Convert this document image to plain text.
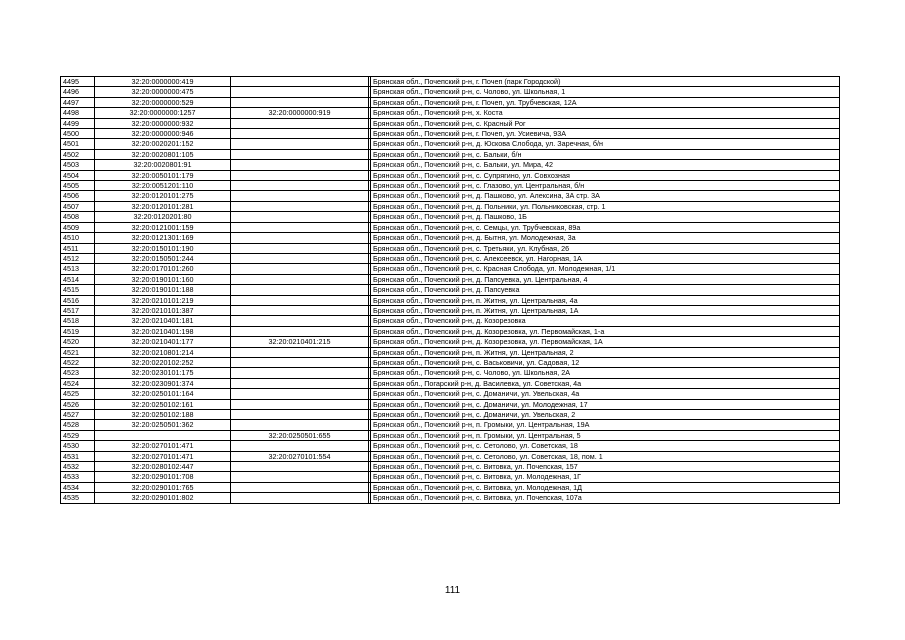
4495	32:20:0000000:419			Брянская обл., Почепский р-н, г. Почеп (парк Городской)
4496	32:20:0000000:475			Брянская обл., Почепский р-н, с. Чолово, ул. Школьная, 1
4497	32:20:0000000:529			Брянская обл., Почепский р-н, г. Почеп, ул. Трубчевская, 12А
4498	32:20:0000000:1257	32:20:0000000:919		Брянская обл., Почепский р-н, х. Коста
4499	32:20:0000000:932			Брянская обл., Почепский р-н, с. Красный Рог
4500	32:20:0000000:946			Брянская обл., Почепский р-н, г. Почеп, ул. Усиевича, 93А
4501	32:20:0020201:152			Брянская обл., Почепский р-н, д. Юскова Слобода, ул. Заречная, б/н
4502	32:20:0020801:105			Брянская обл., Почепский р-н, с. Бальки, б/н
4503	32:20:0020801:91			Брянская обл., Почепский р-н, с. Бальки, ул. Мира, 42
4504	32:20:0050101:179			Брянская обл., Почепский р-н, с. Супрягино, ул. Совхозная
4505	32:20:0051201:110			Брянская обл., Почепский р-н, с. Глазово, ул. Центральная, б/н
4506	32:20:0120101:275			Брянская обл., Почепский р-н, д. Пашково, ул. Алексина, 3А стр. 3А
4507	32:20:0120101:281			Брянская обл., Почепский р-н, д. Польники, ул. Польниковская, стр. 1
4508	32:20:0120201:80			Брянская обл., Почепский р-н, д. Пашково, 1Б
4509	32:20:0121001:159			Брянская обл., Почепский р-н, с. Семцы, ул. Трубчевская, 89а
4510	32:20:0121301:169			Брянская обл., Почепский р-н, д. Бытня, ул. Молодежная, 3а
4511	32:20:0150101:190			Брянская обл., Почепский р-н, с. Третьяки, ул. Клубная, 26
4512	32:20:0150501:244			Брянская обл., Почепский р-н, с. Алексеевск, ул. Нагорная, 1А
4513	32:20:0170101:260			Брянская обл., Почепский р-н, с. Красная Слобода, ул. Молодежная, 1/1
4514	32:20:0190101:160			Брянская обл., Почепский р-н, д. Папсуевка, ул. Центральная, 4
4515	32:20:0190101:188			Брянская обл., Почепский р-н, д. Папсуевка
4516	32:20:0210101:219			Брянская обл., Почепский р-н, п. Житня, ул. Центральная, 4а
4517	32:20:0210101:387			Брянская обл., Почепский р-н, п. Житня, ул. Центральная, 1А
4518	32:20:0210401:181			Брянская обл., Почепский р-н, д. Козорезовка
4519	32:20:0210401:198			Брянская обл., Почепский р-н, д. Козорезовка, ул. Первомайская, 1-а
4520	32:20:0210401:177	32:20:0210401:215		Брянская обл., Почепский р-н, д. Козорезовка, ул. Первомайская, 1А
4521	32:20:0210801:214			Брянская обл., Почепский р-н, п. Житня, ул. Центральная, 2
4522	32:20:0220102:252			Брянская обл., Почепский р-н, с. Васьковичи, ул. Садовая, 12
4523	32:20:0230101:175			Брянская обл., Почепский р-н, с. Чолово, ул. Школьная, 2А
4524	32:20:0230901:374			Брянская обл., Погарский р-н, д. Василевка, ул. Советская, 4а
4525	32:20:0250101:164			Брянская обл., Почепский р-н, с. Доманичи, ул. Увельская, 4а
4526	32:20:0250102:161			Брянская обл., Почепский р-н, с. Доманичи, ул. Молодежная, 17
4527	32:20:0250102:188			Брянская обл., Почепский р-н, с. Доманичи, ул. Увельская, 2
4528	32:20:0250501:362			Брянская обл., Почепский р-н, п. Громыки, ул. Центральная, 19А
4529		32:20:0250501:655		Брянская обл., Почепский р-н, п. Громыки, ул. Центральная, 5
4530	32:20:0270101:471			Брянская обл., Почепский р-н, с. Сетолово, ул. Советская, 18
4531	32:20:0270101:471	32:20:0270101:554		Брянская обл., Почепский р-н, с. Сетолово, ул. Советская, 18, пом. 1
4532	32:20:0280102:447			Брянская обл., Почепский р-н, с. Витовка, ул. Почепская, 157
4533	32:20:0290101:708			Брянская обл., Почепский р-н, с. Витовка, ул. Молодежная, 1Г
4534	32:20:0290101:765			Брянская обл., Почепский р-н, с. Витовка, ул. Молодежная, 1Д
4535	32:20:0290101:802			Брянская обл., Почепский р-н, с. Витовка, ул. Почепская, 107а
111
